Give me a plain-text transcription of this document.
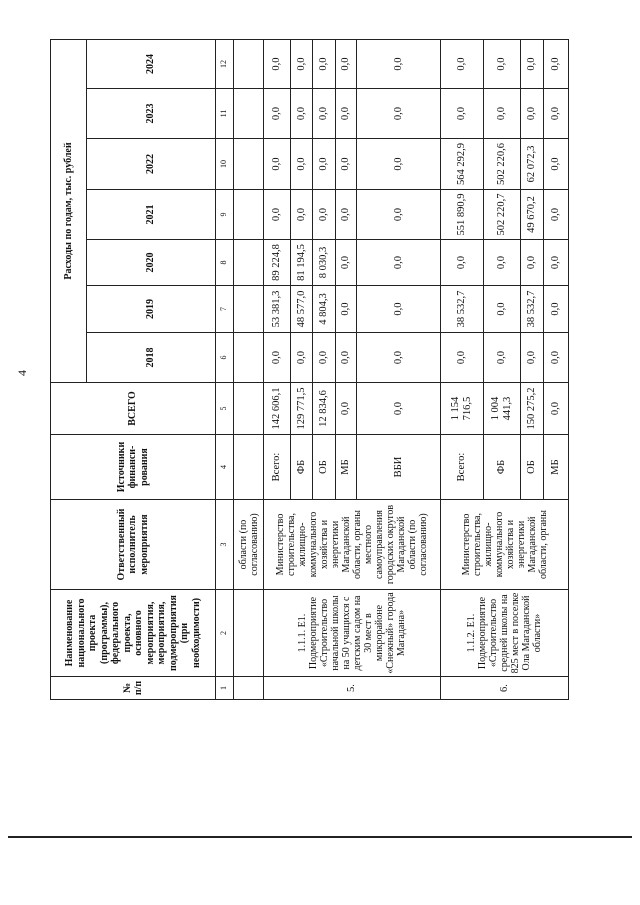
4
№ п/п	Наименование национального проекта (программы), федерального проекта, основного мероприятия, мероприятия, подмероприятия (при необходимости)	Ответственный исполнитель мероприятия	Источники финанси- рования	ВСЕГО	Расходы по годам, тыс. рублей						
					2018	2019	2020	2021	2022	2023	2024
1	2	3	4	5	6	7	8	9	10	11	12
		области (по согласованию)									
5.	1.1.1. E1. Подмероприятие «Строительство начальной школы на 50 учащихся с детским садом на 30 мест в микрорайоне «Снежный» города Магадана»	Министерство строительства, жилищно-коммунального хозяйства и энергетики Магаданской области, органы местного самоуправления городских округов Магаданской области (по согласованию)	Всего:	142 606,1	0,0	53 381,3	89 224,8	0,0	0,0	0,0	0,0
			ФБ	129 771,5	0,0	48 577,0	81 194,5	0,0	0,0	0,0	0,0
			ОБ	12 834,6	0,0	4 804,3	8 030,3	0,0	0,0	0,0	0,0
			МБ	0,0	0,0	0,0	0,0	0,0	0,0	0,0	0,0
			ВБИ	0,0	0,0	0,0	0,0	0,0	0,0	0,0	0,0
6.	1.1.2. E1. Подмероприятие «Строительство средней школы на 825 мест в поселке Ола Магаданской области»	Министерство строительства, жилищно-коммунального хозяйства и энергетики Магаданской области, органы	Всего:	1 154 716,5	0,0	38 532,7	0,0	551 890,9	564 292,9	0,0	0,0
			ФБ	1 004 441,3	0,0	0,0	0,0	502 220,7	502 220,6	0,0	0,0
			ОБ	150 275,2	0,0	38 532,7	0,0	49 670,2	62 072,3	0,0	0,0
			МБ	0,0	0,0	0,0	0,0	0,0	0,0	0,0	0,0
